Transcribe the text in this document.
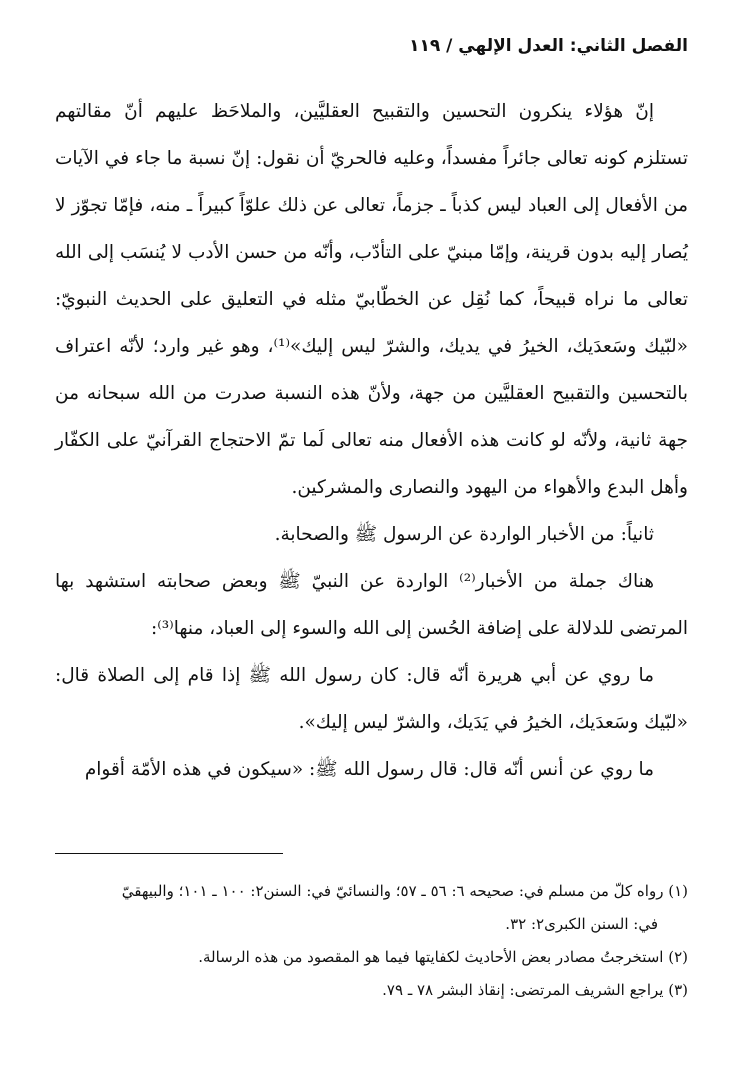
الفصل الثاني: العدل الإلهي / ١١٩

إنّ هؤلاء ينكرون التحسين والتقبيح العقليَّين، والملاحَظ عليهم أنّ مقالتهم تستلزم كونه تعالى جائراً مفسداً، وعليه فالحريّ أن نقول: إنّ نسبة ما جاء في الآيات من الأفعال إلى العباد ليس كذباً ـ جزماً، تعالى عن ذلك علوّاً كبيراً ـ منه، فإمّا تجوّز لا يُصار إليه بدون قرينة، وإمّا مبنيّ على التأدّب، وأنّه من حسن الأدب لا يُنسَب إلى الله تعالى ما نراه قبيحاً، كما نُقِل عن الخطّابيّ مثله في التعليق على الحديث النبويّ: «لبّيك وسَعدَيك، الخيرُ في يديك، والشرّ ليس إليك»⁽¹⁾، وهو غير وارد؛ لأنّه اعتراف بالتحسين والتقبيح العقليَّين من جهة، ولأنّ هذه النسبة صدرت من الله سبحانه من جهة ثانية، ولأنّه لو كانت هذه الأفعال منه تعالى لَما تمّ الاحتجاج القرآنيّ على الكفّار وأهل البدع والأهواء من اليهود والنصارى والمشركين.

ثانياً: من الأخبار الواردة عن الرسول ﷺ والصحابة.

هناك جملة من الأخبار⁽²⁾ الواردة عن النبيّ ﷺ وبعض صحابته استشهد بها المرتضى للدلالة على إضافة الحُسن إلى الله والسوء إلى العباد، منها⁽³⁾:

ما روي عن أبي هريرة أنّه قال: كان رسول الله ﷺ إذا قام إلى الصلاة قال: «لبّيك وسَعدَيك، الخيرُ في يَدَيك، والشرّ ليس إليك».

ما روي عن أنس أنّه قال: قال رسول الله ﷺ: «سيكون في هذه الأمّة أقوام

(١) رواه كلّ من مسلم في: صحيحه ٦: ٥٦ ـ ٥٧؛ والنسائيّ في: السنن٢: ١٠٠ ـ ١٠١؛ والبيهقيّ

في: السنن الكبرى٢: ٣٢.

(٢) استخرجتُ مصادر بعض الأحاديث لكفايتها فيما هو المقصود من هذه الرسالة.

(٣) يراجع الشريف المرتضى: إنقاذ البشر ٧٨ ـ ٧٩.
